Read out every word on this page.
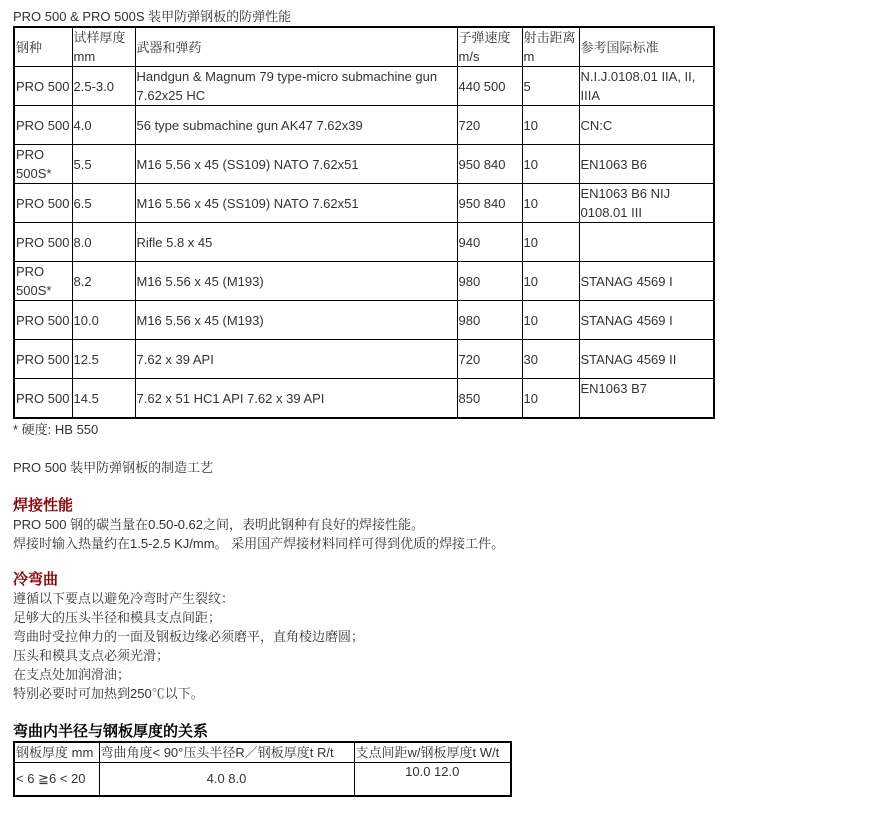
PRO 500 & PRO 500S 装甲防弹钢板的防弹性能
钢种	试样厚度mm	武器和弹药	子弹速度m/s	射击距离m	参考国际标准
PRO 500	2.5-3.0	Handgun & Magnum 79 type-micro submachine gun 7.62x25 HC	440 500	5	N.I.J.0108.01 IIA, II, IIIA
PRO 500	4.0	56 type submachine gun AK47 7.62x39	720	10	CN:C
PRO 500S*	5.5	M16 5.56 x 45 (SS109) NATO 7.62x51	950 840	10	EN1063 B6
PRO 500	6.5	M16 5.56 x 45 (SS109) NATO 7.62x51	950 840	10	EN1063 B6 NIJ 0108.01 III
PRO 500	8.0	Rifle 5.8 x 45	940	10	
PRO 500S*	8.2	M16 5.56 x 45 (M193)	980	10	STANAG 4569 I
PRO 500	10.0	M16 5.56 x 45 (M193)	980	10	STANAG 4569 I
PRO 500	12.5	7.62 x 39 API	720	30	STANAG 4569 II
PRO 500	14.5	7.62 x 51 HC1 API 7.62 x 39 API	850	10	EN1063 B7
* 硬度: HB 550
PRO 500 装甲防弹钢板的制造工艺
焊接性能

PRO 500 钢的碳当量在0.50-0.62之间，表明此钢种有良好的焊接性能。

焊接时输入热量约在1.5-2.5 KJ/mm。 采用国产焊接材料同样可得到优质的焊接工件。

冷弯曲

遵循以下要点以避免冷弯时产生裂纹：

足够大的压头半径和模具支点间距；

弯曲时受拉伸力的一面及钢板边缘必须磨平，直角棱边磨圆；

压头和模具支点必须光滑；

在支点处加润滑油；

特别必要时可加热到250℃以下。

弯曲内半径与钢板厚度的关系
钢板厚度 mm	弯曲角度< 90°压头半径R／钢板厚度t R/t	支点间距w/钢板厚度t W/t
< 6 ≧6 < 20	4.0 8.0	10.0 12.0
